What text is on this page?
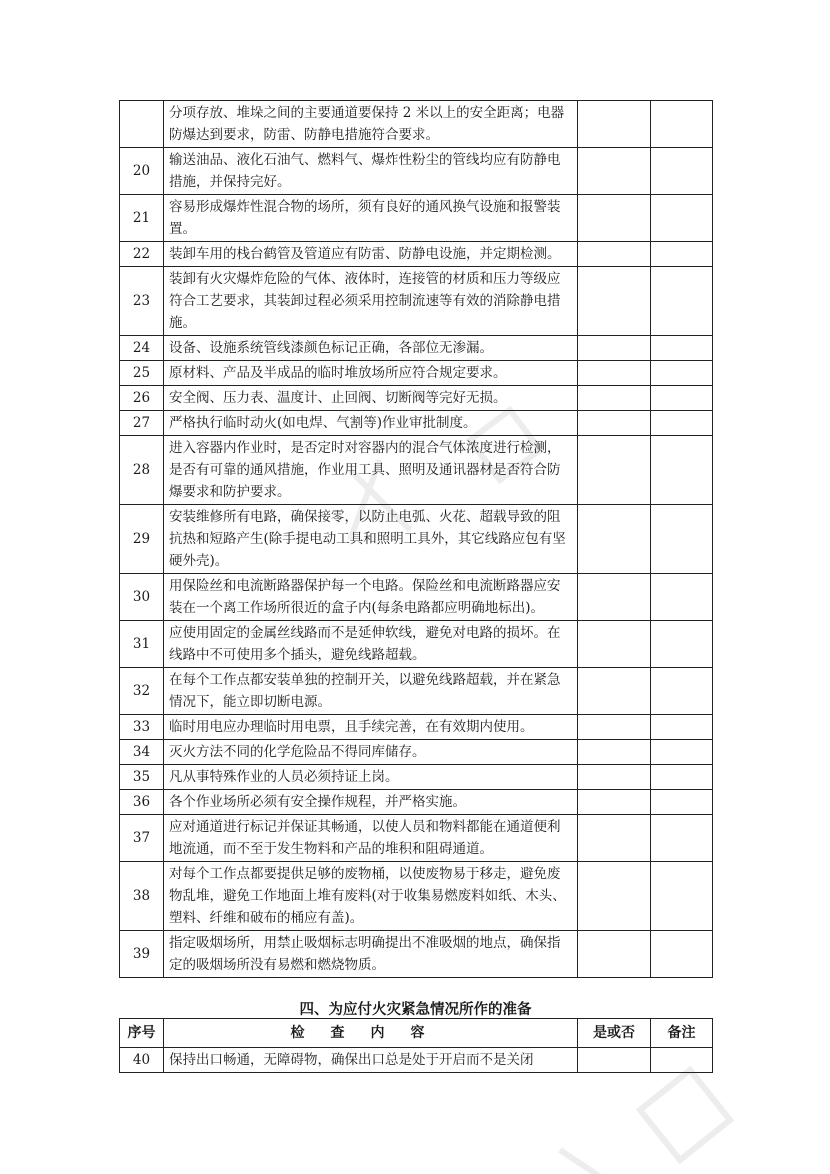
	分项存放、堆垛之间的主要通道要保持 2 米以上的安全距离；电器防爆达到要求，防雷、防静电措施符合要求。		
20	输送油品、液化石油气、燃料气、爆炸性粉尘的管线均应有防静电措施，并保持完好。		
21	容易形成爆炸性混合物的场所，须有良好的通风换气设施和报警装置。		
22	装卸车用的栈台鹤管及管道应有防雷、防静电设施，并定期检测。		
23	装卸有火灾爆炸危险的气体、液体时，连接管的材质和压力等级应符合工艺要求，其装卸过程必须采用控制流速等有效的消除静电措施。		
24	设备、设施系统管线漆颜色标记正确，各部位无渗漏。		
25	原材料、产品及半成品的临时堆放场所应符合规定要求。		
26	安全阀、压力表、温度计、止回阀、切断阀等完好无损。		
27	严格执行临时动火(如电焊、气割等)作业审批制度。		
28	进入容器内作业时，是否定时对容器内的混合气体浓度进行检测，是否有可靠的通风措施，作业用工具、照明及通讯器材是否符合防爆要求和防护要求。		
29	安装维修所有电路，确保接零，以防止电弧、火花、超载导致的阻抗热和短路产生(除手提电动工具和照明工具外，其它线路应包有坚硬外壳)。		
30	用保险丝和电流断路器保护每一个电路。保险丝和电流断路器应安装在一个离工作场所很近的盒子内(每条电路都应明确地标出)。		
31	应使用固定的金属丝线路而不是延伸软线，避免对电路的损坏。在线路中不可使用多个插头，避免线路超载。		
32	在每个工作点都安装单独的控制开关，以避免线路超载，并在紧急情况下，能立即切断电源。		
33	临时用电应办理临时用电票，且手续完善，在有效期内使用。		
34	灭火方法不同的化学危险品不得同库储存。		
35	凡从事特殊作业的人员必须持证上岗。		
36	各个作业场所必须有安全操作规程，并严格实施。		
37	应对通道进行标记并保证其畅通，以使人员和物料都能在通道便利地流通，而不至于发生物料和产品的堆积和阻碍通道。		
38	对每个工作点都要提供足够的废物桶，以使废物易于移走，避免废物乱堆，避免工作地面上堆有废料(对于收集易燃废料如纸、木头、塑料、纤维和破布的桶应有盖)。		
39	指定吸烟场所，用禁止吸烟标志明确提出不准吸烟的地点，确保指定的吸烟场所没有易燃和燃烧物质。		
四、为应付火灾紧急情况所作的准备
序号	检查内容	是或否	备注
40	保持出口畅通，无障碍物，确保出口总是处于开启而不是关闭		
